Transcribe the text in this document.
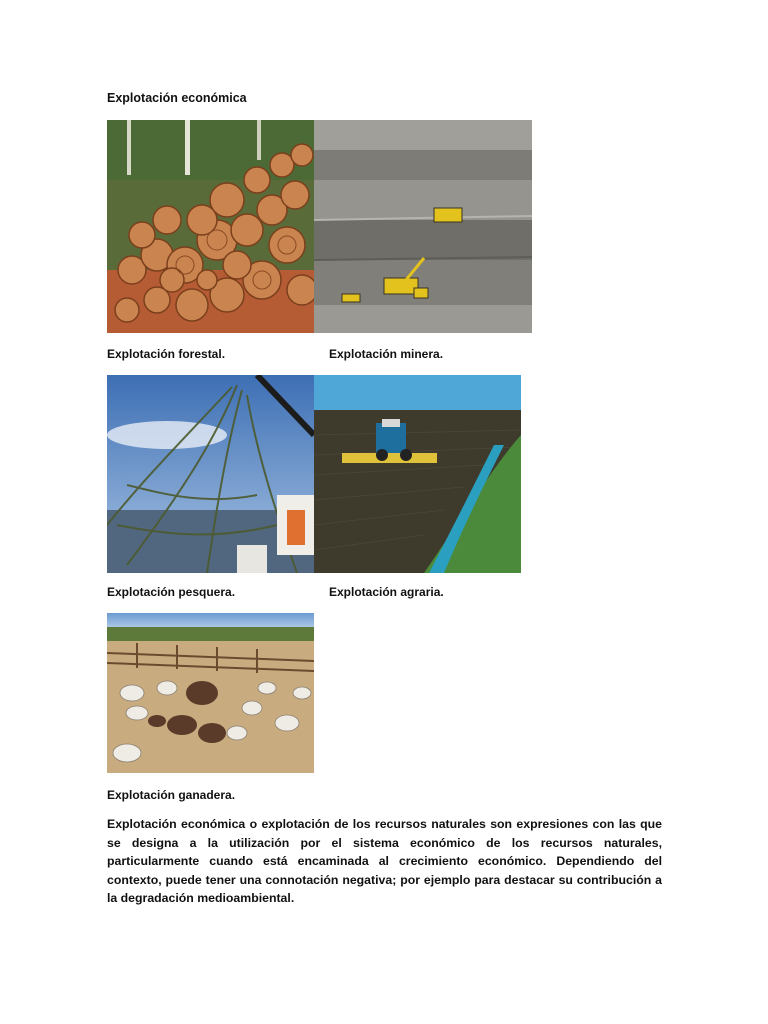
Explotación económica
Explotación forestal.	Explotación minera.
Explotación pesquera.	Explotación agraria.
Explotación ganadera.
Explotación económica o explotación de los recursos naturales son expresiones con las que se designa a la utilización por el sistema económico de los recursos naturales, particularmente cuando está encaminada al crecimiento económico. Dependiendo del contexto, puede tener una connotación negativa; por ejemplo para destacar su contribución a la degradación medioambiental.
